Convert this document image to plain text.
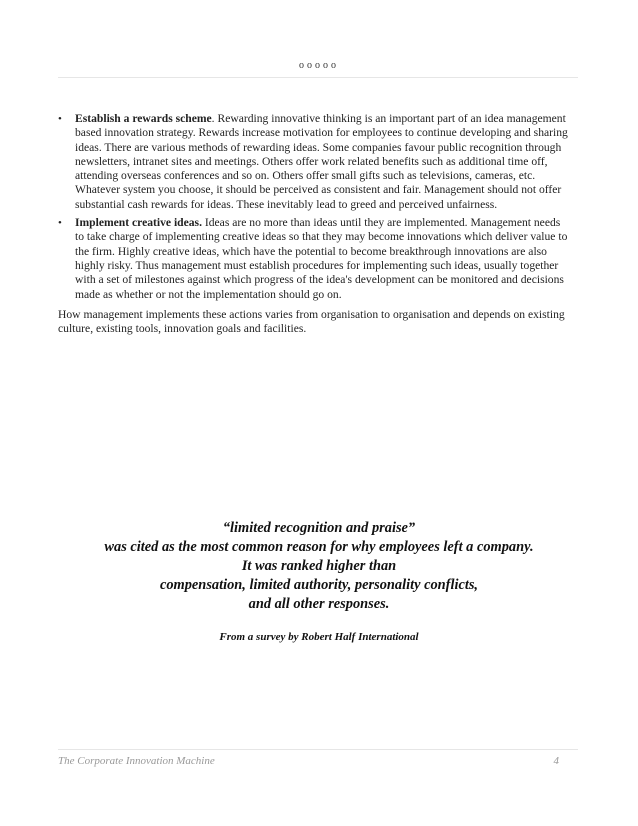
ooooo
• Establish a rewards scheme. Rewarding innovative thinking is an important part of an idea management based innovation strategy. Rewards increase motivation for employees to continue developing and sharing ideas. There are various methods of rewarding ideas. Some companies favour public recognition through newsletters, intranet sites and meetings. Others offer work related benefits such as additional time off, attending overseas conferences and so on. Others offer small gifts such as televisions, cameras, etc. Whatever system you choose, it should be perceived as consistent and fair. Management should not offer substantial cash rewards for ideas. These inevitably lead to greed and perceived unfairness.
• Implement creative ideas. Ideas are no more than ideas until they are implemented. Management needs to take charge of implementing creative ideas so that they may become innovations which deliver value to the firm. Highly creative ideas, which have the potential to become breakthrough innovations are also highly risky. Thus management must establish procedures for implementing such ideas, usually together with a set of milestones against which progress of the idea's development can be monitored and decisions made as whether or not the implementation should go on.

How management implements these actions varies from organisation to organisation and depends on existing culture, existing tools, innovation goals and facilities.

“limited recognition and praise”
was cited as the most common reason for why employees left a company.
It was ranked higher than
compensation, limited authority, personality conflicts,
and all other responses.
From a survey by Robert Half International
The Corporate Innovation Machine	4
